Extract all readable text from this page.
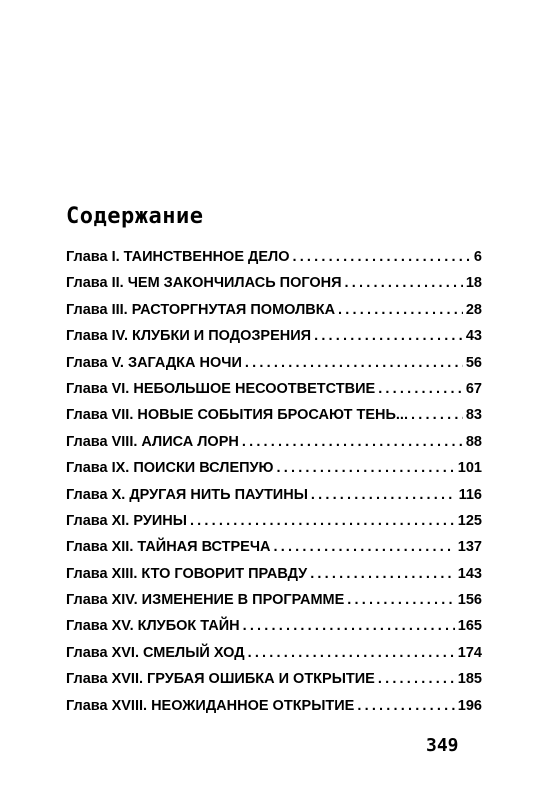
Содержание
Глава I. ТАИНСТВЕННОЕ ДЕЛО .....	6
Глава II. ЧЕМ ЗАКОНЧИЛАСЬ ПОГОНЯ .....	18
Глава III. РАСТОРГНУТАЯ ПОМОЛВКА .....	28
Глава IV. КЛУБКИ И ПОДОЗРЕНИЯ .....	43
Глава V. ЗАГАДКА НОЧИ .....	56
Глава VI. НЕБОЛЬШОЕ НЕСООТВЕТСТВИЕ .....	67
Глава VII. НОВЫЕ СОБЫТИЯ БРОСАЮТ ТЕНЬ... .....	83
Глава VIII. АЛИСА ЛОРН .....	88
Глава IX. ПОИСКИ ВСЛЕПУЮ .....	101
Глава X. ДРУГАЯ НИТЬ ПАУТИНЫ .....	116
Глава XI. РУИНЫ .....	125
Глава XII. ТАЙНАЯ ВСТРЕЧА .....	137
Глава XIII. КТО ГОВОРИТ ПРАВДУ .....	143
Глава XIV. ИЗМЕНЕНИЕ В ПРОГРАММЕ .....	156
Глава XV. КЛУБОК ТАЙН .....	165
Глава XVI. СМЕЛЫЙ ХОД .....	174
Глава XVII. ГРУБАЯ ОШИБКА И ОТКРЫТИЕ .....	185
Глава XVIII. НЕОЖИДАННОЕ ОТКРЫТИЕ .....	196
349
